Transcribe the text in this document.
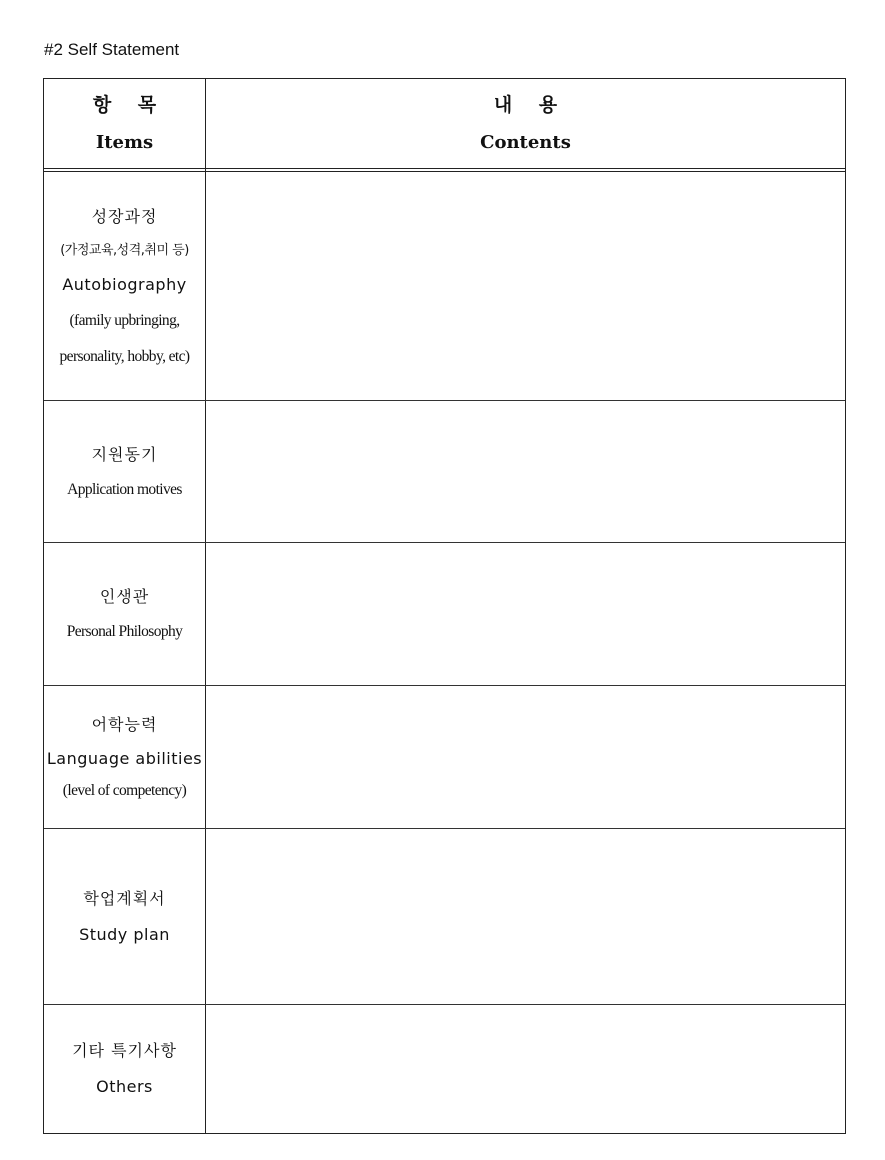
#2 Self Statement
항 목
Items
내 용
Contents
성장과정
(가정교육,성격,취미 등)
Autobiography
(family upbringing,
personality, hobby, etc)
지원동기
Application motives
인생관
Personal Philosophy
어학능력
Language abilities
(level of competency)
학업계획서
Study plan
기타 특기사항
Others
